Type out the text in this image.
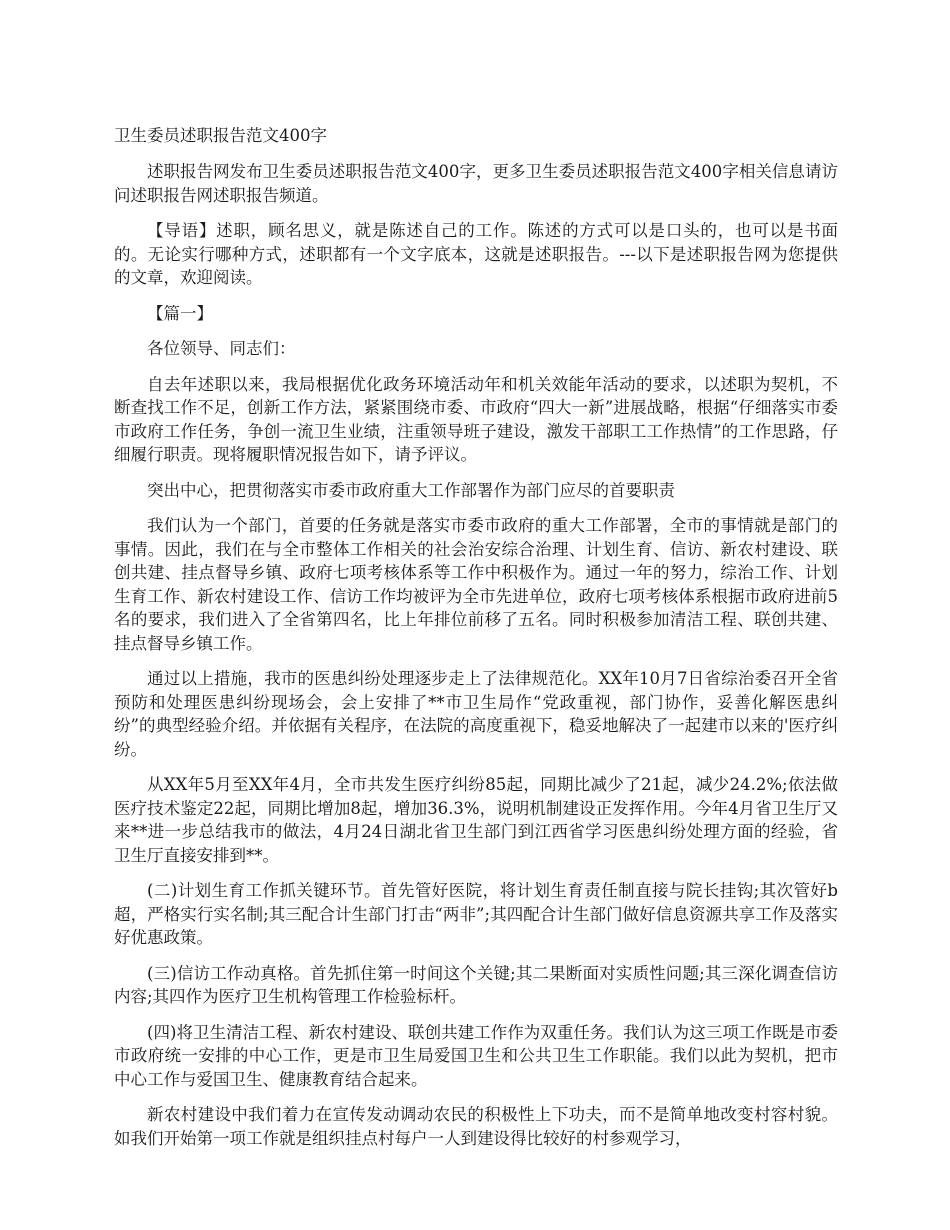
卫生委员述职报告范文400字

述职报告网发布卫生委员述职报告范文400字，更多卫生委员述职报告范文400字相关信息请访问述职报告网述职报告频道。

【导语】述职，顾名思义，就是陈述自己的工作。陈述的方式可以是口头的，也可以是书面的。无论实行哪种方式，述职都有一个文字底本，这就是述职报告。---以下是述职报告网为您提供的文章，欢迎阅读。

【篇一】

各位领导、同志们：

自去年述职以来，我局根据优化政务环境活动年和机关效能年活动的要求，以述职为契机，不断查找工作不足，创新工作方法，紧紧围绕市委、市政府“四大一新”进展战略，根据“仔细落实市委市政府工作任务，争创一流卫生业绩，注重领导班子建设，激发干部职工工作热情”的工作思路，仔细履行职责。现将履职情况报告如下，请予评议。

突出中心，把贯彻落实市委市政府重大工作部署作为部门应尽的首要职责

我们认为一个部门，首要的任务就是落实市委市政府的重大工作部署，全市的事情就是部门的事情。因此，我们在与全市整体工作相关的社会治安综合治理、计划生育、信访、新农村建设、联创共建、挂点督导乡镇、政府七项考核体系等工作中积极作为。通过一年的努力，综治工作、计划生育工作、新农村建设工作、信访工作均被评为全市先进单位，政府七项考核体系根据市政府进前5名的要求，我们进入了全省第四名，比上年排位前移了五名。同时积极参加清洁工程、联创共建、挂点督导乡镇工作。

通过以上措施，我市的医患纠纷处理逐步走上了法律规范化。XX年10月7日省综治委召开全省预防和处理医患纠纷现场会，会上安排了**市卫生局作“党政重视，部门协作，妥善化解医患纠纷”的典型经验介绍。并依据有关程序，在法院的高度重视下，稳妥地解决了一起建市以来的'医疗纠纷。

从XX年5月至XX年4月，全市共发生医疗纠纷85起，同期比减少了21起，减少24.2%;依法做医疗技术鉴定22起，同期比增加8起，增加36.3%，说明机制建设正发挥作用。今年4月省卫生厅又来**进一步总结我市的做法，4月24日湖北省卫生部门到江西省学习医患纠纷处理方面的经验，省卫生厅直接安排到**。

(二)计划生育工作抓关键环节。首先管好医院，将计划生育责任制直接与院长挂钩;其次管好b超，严格实行实名制;其三配合计生部门打击“两非”;其四配合计生部门做好信息资源共享工作及落实好优惠政策。

(三)信访工作动真格。首先抓住第一时间这个关键;其二果断面对实质性问题;其三深化调查信访内容;其四作为医疗卫生机构管理工作检验标杆。

(四)将卫生清洁工程、新农村建设、联创共建工作作为双重任务。我们认为这三项工作既是市委市政府统一安排的中心工作，更是市卫生局爱国卫生和公共卫生工作职能。我们以此为契机，把市中心工作与爱国卫生、健康教育结合起来。

新农村建设中我们着力在宣传发动调动农民的积极性上下功夫，而不是简单地改变村容村貌。如我们开始第一项工作就是组织挂点村每户一人到建设得比较好的村参观学习，
